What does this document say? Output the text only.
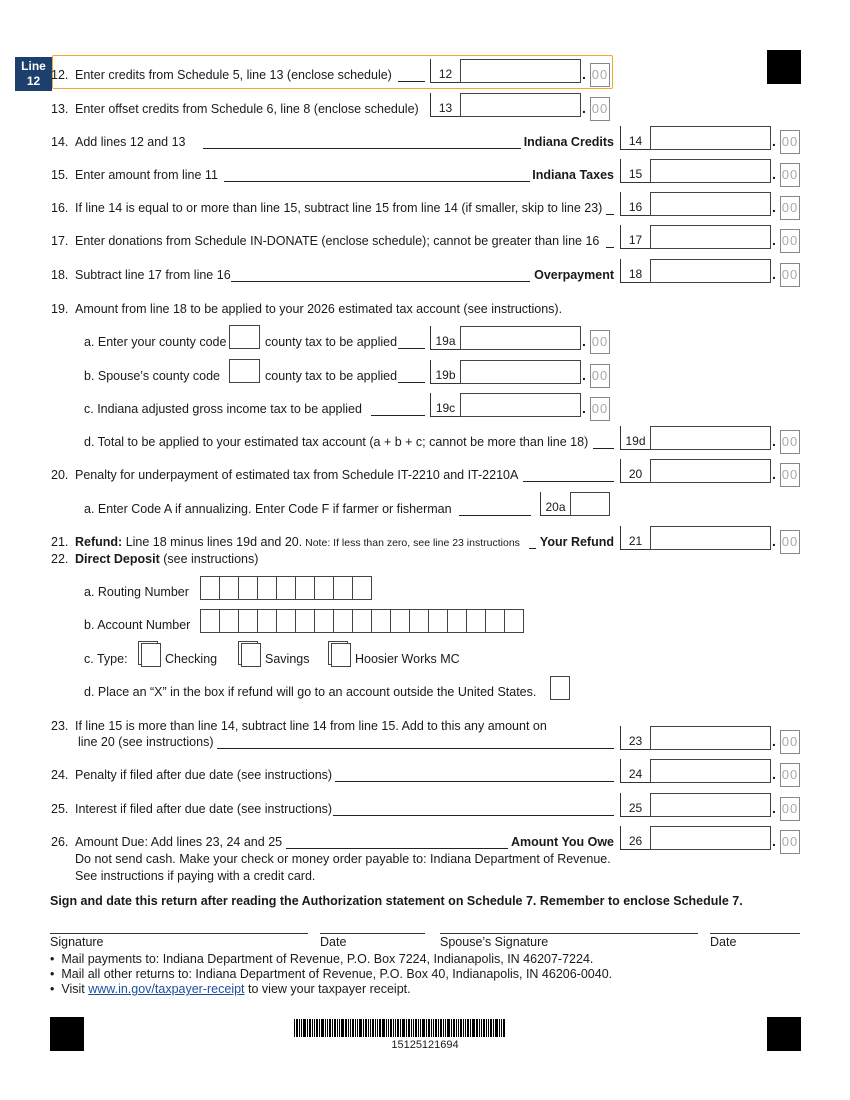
Line
12 12. Enter credits from Schedule 5, line 13 (enclose schedule)	12	. 00
13. Enter offset credits from Schedule 6, line 8 (enclose schedule)	13	. 00
14. Add lines 12 and 13	Indiana Credits	14	. 00
15. Enter amount from line 11	Indiana Taxes	15	. 00
16. If line 14 is equal to or more than line 15, subtract line 15 from line 14 (if smaller, skip to line 23)	16	. 00
17. Enter donations from Schedule IN-DONATE (enclose schedule); cannot be greater than line 16	17	. 00
18. Subtract line 17 from line 16	Overpayment	18	. 00
19. Amount from line 18 to be applied to your 2026 estimated tax account (see instructions).
a. Enter your county code	county tax to be applied	19a	. 00
b. Spouse’s county code	county tax to be applied	19b	. 00
c. Indiana adjusted gross income tax to be applied	19c	. 00
d. Total to be applied to your estimated tax account (a + b + c; cannot be more than line 18)	19d	. 00
20. Penalty for underpayment of estimated tax from Schedule IT-2210 and IT-2210A	20	. 00
a. Enter Code A if annualizing. Enter Code F if farmer or fisherman	20a
21. Refund: Line 18 minus lines 19d and 20. Note: If less than zero, see line 23 instructions Your Refund	21	. 00
22. Direct Deposit (see instructions)
a. Routing Number
b. Account Number
c. Type:	Checking	Savings	Hoosier Works MC
d. Place an “X” in the box if refund will go to an account outside the United States.
23. If line 15 is more than line 14, subtract line 14 from line 15. Add to this any amount on
line 20 (see instructions)	23	. 00
24. Penalty if filed after due date (see instructions)	24	. 00
25. Interest if filed after due date (see instructions)	25	. 00
26. Amount Due: Add lines 23, 24 and 25	Amount You Owe	26	. 00
Do not send cash. Make your check or money order payable to: Indiana Department of Revenue.
See instructions if paying with a credit card.
Sign and date this return after reading the Authorization statement on Schedule 7. Remember to enclose Schedule 7.
Signature	Date	Spouse’s Signature	Date
•  Mail payments to: Indiana Department of Revenue, P.O. Box 7224, Indianapolis, IN 46207-7224.
•  Mail all other returns to: Indiana Department of Revenue, P.O. Box 40, Indianapolis, IN 46206-0040.
•  Visit www.in.gov/taxpayer-receipt to view your taxpayer receipt.
15125121694
